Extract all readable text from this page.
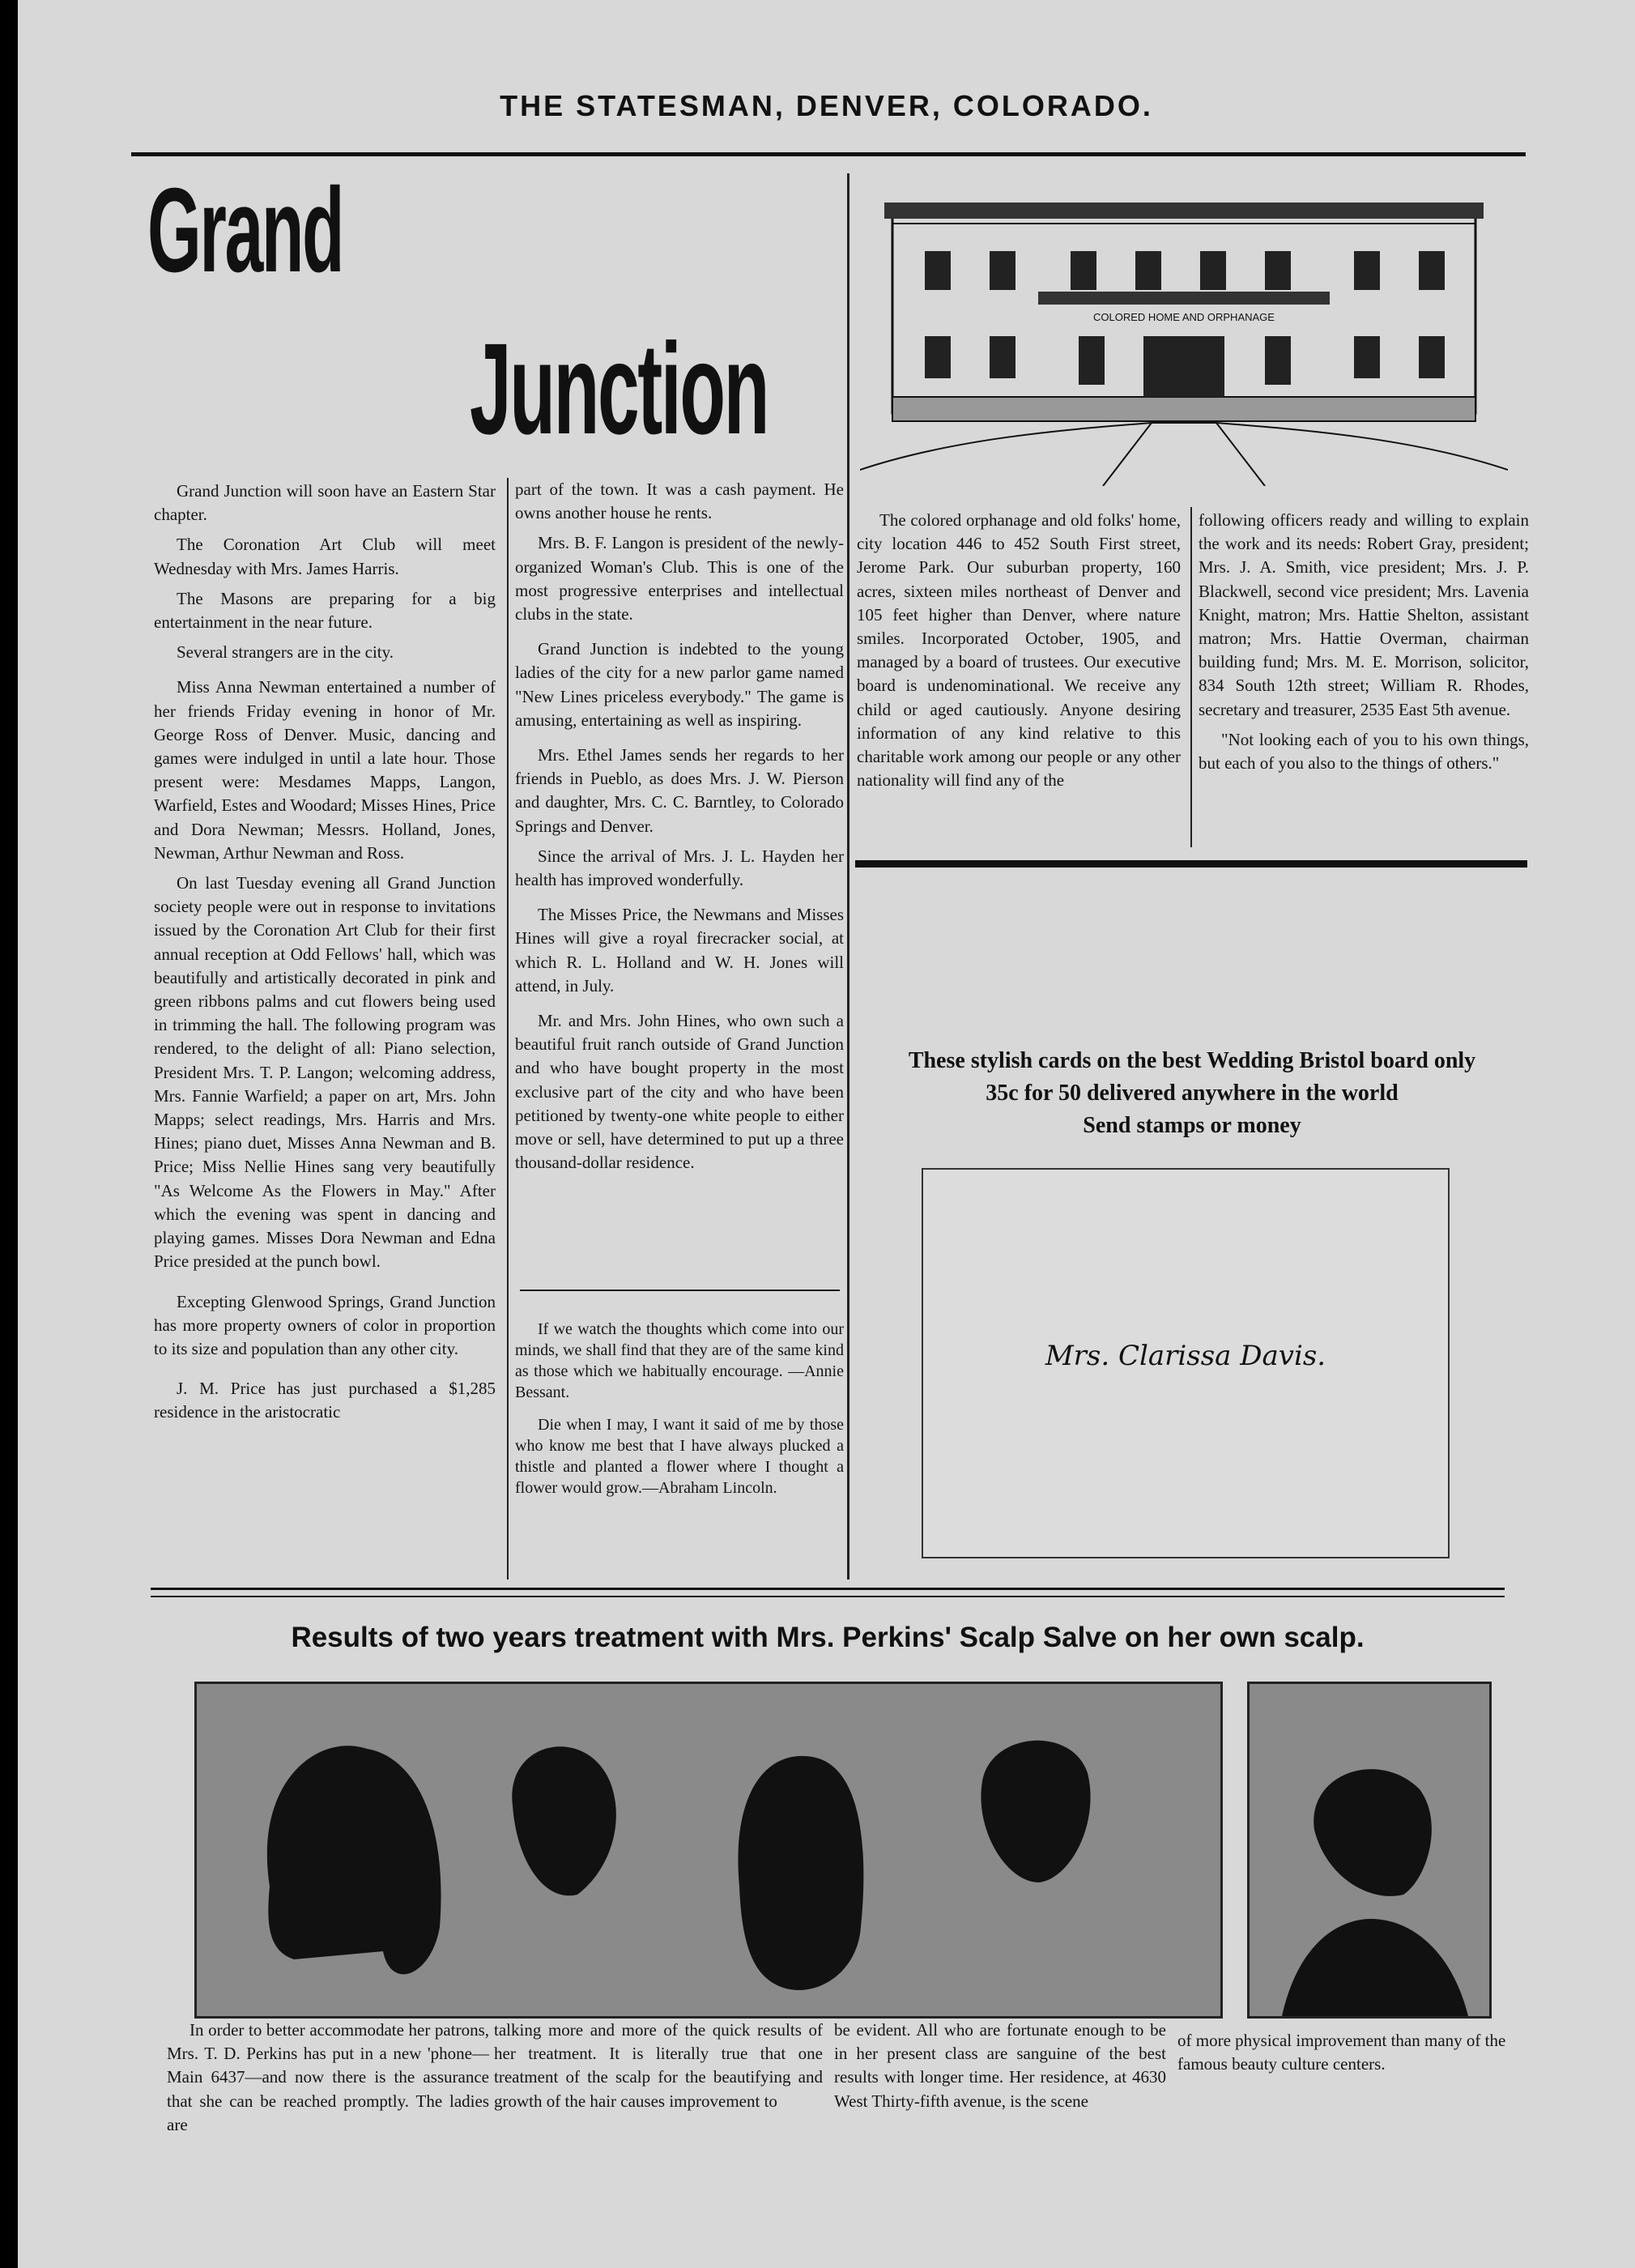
THE STATESMAN, DENVER, COLORADO.
Grand
Junction

Grand Junction will soon have an Eastern Star chapter.

The Coronation Art Club will meet Wednesday with Mrs. James Harris.

The Masons are preparing for a big entertainment in the near future.

Several strangers are in the city.

Miss Anna Newman entertained a number of her friends Friday evening in honor of Mr. George Ross of Denver. Music, dancing and games were indulged in until a late hour. Those present were: Mesdames Mapps, Langon, Warfield, Estes and Woodard; Misses Hines, Price and Dora Newman; Messrs. Holland, Jones, Newman, Arthur Newman and Ross.

On last Tuesday evening all Grand Junction society people were out in response to invitations issued by the Coronation Art Club for their first annual reception at Odd Fellows' hall, which was beautifully and artistically decorated in pink and green ribbons palms and cut flowers being used in trimming the hall. The following program was rendered, to the delight of all: Piano selection, President Mrs. T. P. Langon; welcoming address, Mrs. Fannie Warfield; a paper on art, Mrs. John Mapps; select readings, Mrs. Harris and Mrs. Hines; piano duet, Misses Anna Newman and B. Price; Miss Nellie Hines sang very beautifully "As Welcome As the Flowers in May." After which the evening was spent in dancing and playing games. Misses Dora Newman and Edna Price presided at the punch bowl.

Excepting Glenwood Springs, Grand Junction has more property owners of color in proportion to its size and population than any other city.

J. M. Price has just purchased a $1,285 residence in the aristocratic

part of the town. It was a cash payment. He owns another house he rents.

Mrs. B. F. Langon is president of the newly-organized Woman's Club. This is one of the most progressive enterprises and intellectual clubs in the state.

Grand Junction is indebted to the young ladies of the city for a new parlor game named "New Lines priceless everybody." The game is amusing, entertaining as well as inspiring.

Mrs. Ethel James sends her regards to her friends in Pueblo, as does Mrs. J. W. Pierson and daughter, Mrs. C. C. Barntley, to Colorado Springs and Denver.

Since the arrival of Mrs. J. L. Hayden her health has improved wonderfully.

The Misses Price, the Newmans and Misses Hines will give a royal firecracker social, at which R. L. Holland and W. H. Jones will attend, in July.

Mr. and Mrs. John Hines, who own such a beautiful fruit ranch outside of Grand Junction and who have bought property in the most exclusive part of the city and who have been petitioned by twenty-one white people to either move or sell, have determined to put up a three thousand-dollar residence.

If we watch the thoughts which come into our minds, we shall find that they are of the same kind as those which we habitually encourage. —Annie Bessant.

Die when I may, I want it said of me by those who know me best that I have always plucked a thistle and planted a flower where I thought a flower would grow.—Abraham Lincoln.

COLORED HOME AND ORPHANAGE
The colored orphanage and old folks' home, city location 446 to 452 South First street, Jerome Park. Our suburban property, 160 acres, sixteen miles northeast of Denver and 105 feet higher than Denver, where nature smiles. Incorporated October, 1905, and managed by a board of trustees. Our executive board is undenominational. We receive any child or aged cautiously. Anyone desiring information of any kind relative to this charitable work among our people or any other nationality will find any of the

following officers ready and willing to explain the work and its needs: Robert Gray, president; Mrs. J. A. Smith, vice president; Mrs. J. P. Blackwell, second vice president; Mrs. Lavenia Knight, matron; Mrs. Hattie Shelton, assistant matron; Mrs. Hattie Overman, chairman building fund; Mrs. M. E. Morrison, solicitor, 834 South 12th street; William R. Rhodes, secretary and treasurer, 2535 East 5th avenue.

"Not looking each of you to his own things, but each of you also to the things of others."

These stylish cards on the best Wedding Bristol board only
35c for 50 delivered anywhere in the world
Send stamps or money
Mrs. Clarissa Davis.
Results of two years treatment with Mrs. Perkins' Scalp Salve on her own scalp.
In order to better accommodate her patrons, Mrs. T. D. Perkins has put in a new 'phone—Main 6437—and now there is the assurance that she can be reached promptly. The ladies are
talking more and more of the quick results of her treatment. It is literally true that one treatment of the scalp for the beautifying and growth of the hair causes improvement to
be evident. All who are fortunate enough to be in her present class are sanguine of the best results with longer time. Her residence, at 4630 West Thirty-fifth avenue, is the scene
of more physical improvement than many of the famous beauty culture centers.
